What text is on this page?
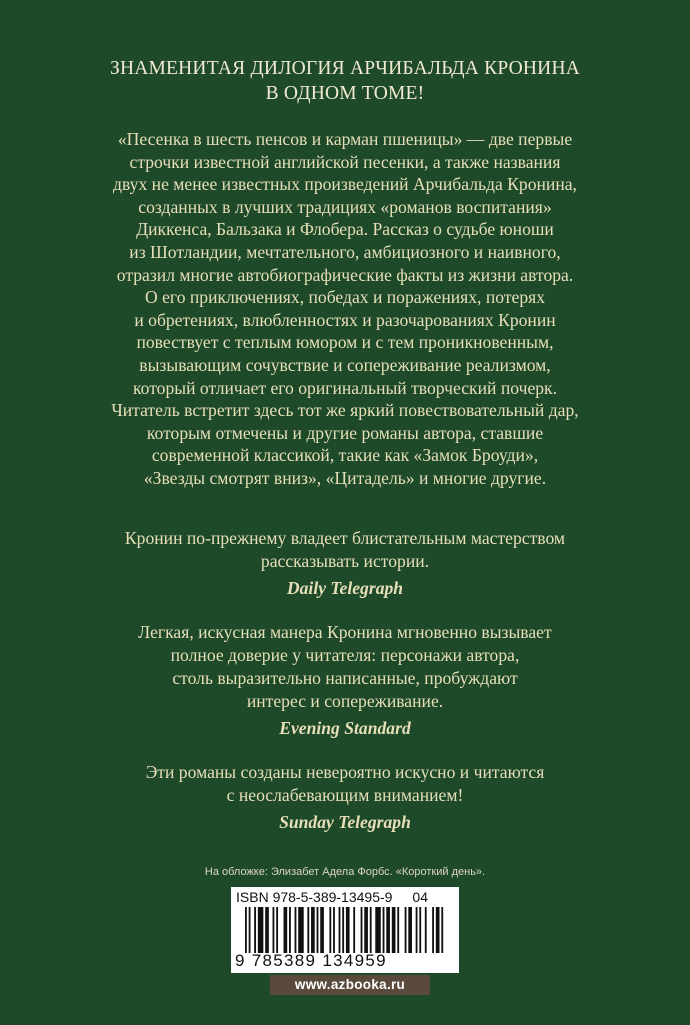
ЗНАМЕНИТАЯ ДИЛОГИЯ АРЧИБАЛЬДА КРОНИНА
В ОДНОМ ТОМЕ!
«Песенка в шесть пенсов и карман пшеницы» — две первые
строчки известной английской песенки, а также названия
двух не менее известных произведений Арчибальда Кронина,
созданных в лучших традициях «романов воспитания»
Диккенса, Бальзака и Флобера. Рассказ о судьбе юноши
из Шотландии, мечтательного, амбициозного и наивного,
отразил многие автобиографические факты из жизни автора.
О его приключениях, победах и поражениях, потерях
и обретениях, влюбленностях и разочарованиях Кронин
повествует с теплым юмором и с тем проникновенным,
вызывающим сочувствие и сопереживание реализмом,
который отличает его оригинальный творческий почерк.
Читатель встретит здесь тот же яркий повествовательный дар,
которым отмечены и другие романы автора, ставшие
современной классикой, такие как «Замок Броуди»,
«Звезды смотрят вниз», «Цитадель» и многие другие.
Кронин по-прежнему владеет блистательным мастерством
рассказывать истории.
Daily Telegraph
Легкая, искусная манера Кронина мгновенно вызывает
полное доверие у читателя: персонажи автора,
столь выразительно написанные, пробуждают
интерес и сопереживание.
Evening Standard
Эти романы созданы невероятно искусно и читаются
с неослабевающим вниманием!
Sunday Telegraph
На обложке: Элизабет Адела Форбс. «Короткий день».
ISBN 978-5-389-13495-9 04
9 785389 134959
www.azbooka.ru
